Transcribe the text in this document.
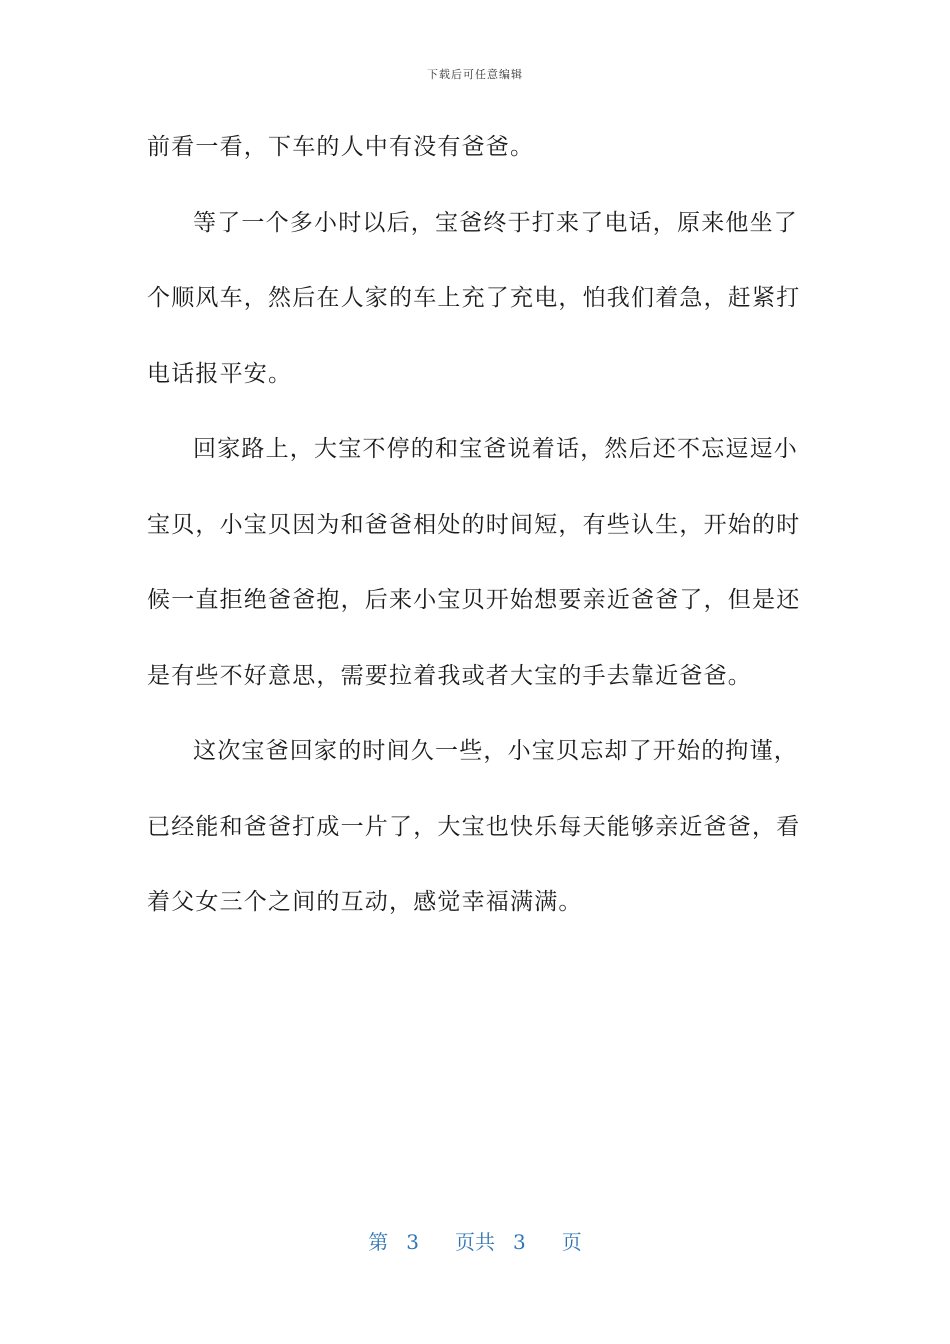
下载后可任意编辑
前看一看，下车的人中有没有爸爸。
等了一个多小时以后，宝爸终于打来了电话，原来他坐了
个顺风车，然后在人家的车上充了充电，怕我们着急，赶紧打
电话报平安。
回家路上，大宝不停的和宝爸说着话，然后还不忘逗逗小
宝贝，小宝贝因为和爸爸相处的时间短，有些认生，开始的时
候一直拒绝爸爸抱，后来小宝贝开始想要亲近爸爸了，但是还
是有些不好意思，需要拉着我或者大宝的手去靠近爸爸。
这次宝爸回家的时间久一些，小宝贝忘却了开始的拘谨，
已经能和爸爸打成一片了，大宝也快乐每天能够亲近爸爸，看
着父女三个之间的互动，感觉幸福满满。
第 3 页共 3 页
